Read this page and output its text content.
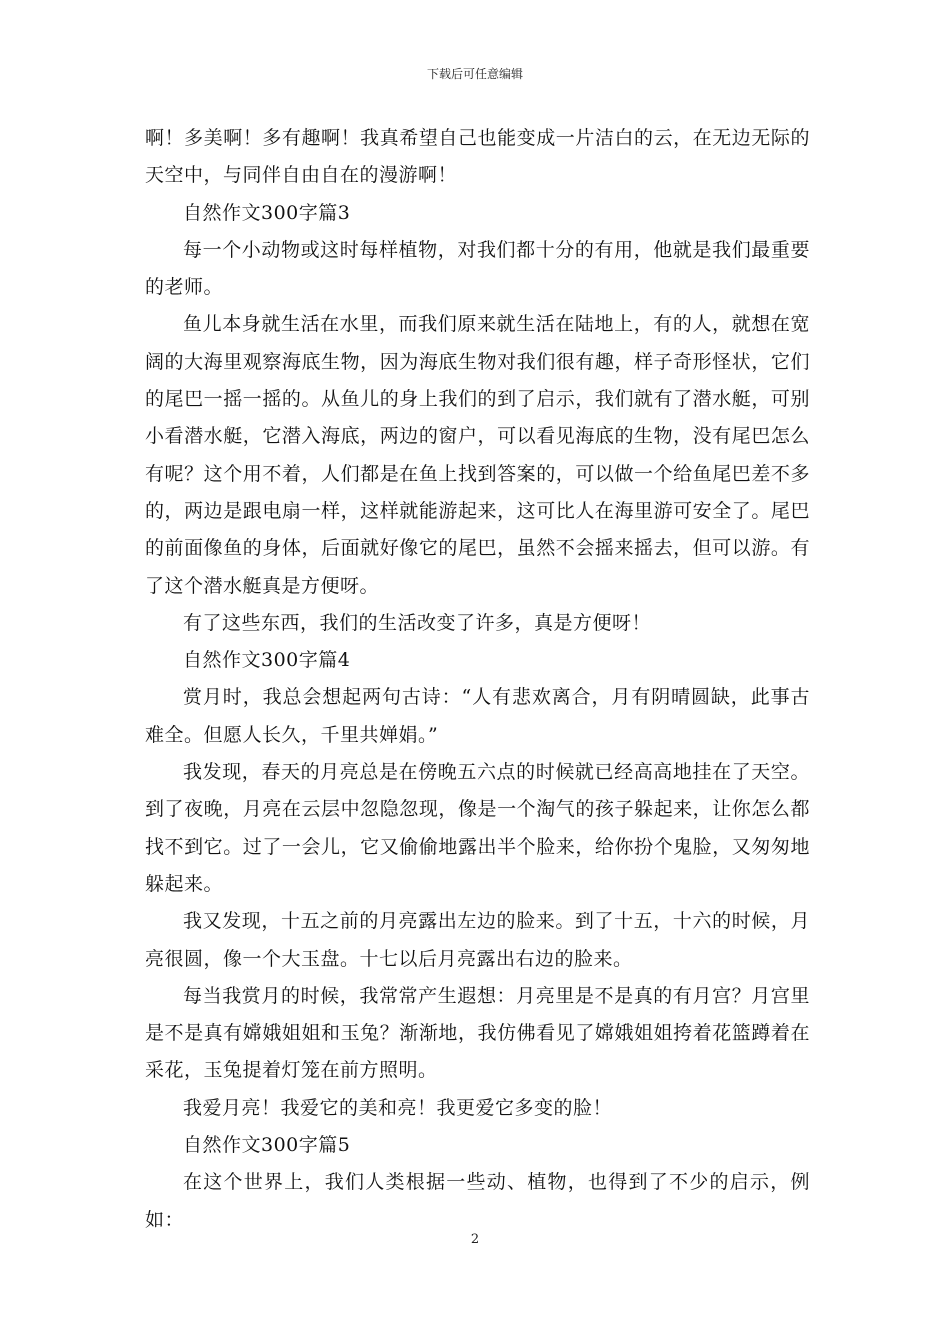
下载后可任意编辑

啊！多美啊！多有趣啊！我真希望自己也能变成一片洁白的云，在无边无际的天空中，与同伴自由自在的漫游啊！

自然作文300字篇3

每一个小动物或这时每样植物，对我们都十分的有用，他就是我们最重要的老师。

鱼儿本身就生活在水里，而我们原来就生活在陆地上，有的人，就想在宽阔的大海里观察海底生物，因为海底生物对我们很有趣，样子奇形怪状，它们的尾巴一摇一摇的。从鱼儿的身上我们的到了启示，我们就有了潜水艇，可别小看潜水艇，它潜入海底，两边的窗户，可以看见海底的生物，没有尾巴怎么有呢？这个用不着，人们都是在鱼上找到答案的，可以做一个给鱼尾巴差不多的，两边是跟电扇一样，这样就能游起来，这可比人在海里游可安全了。尾巴的前面像鱼的身体，后面就好像它的尾巴，虽然不会摇来摇去，但可以游。有了这个潜水艇真是方便呀。

有了这些东西，我们的生活改变了许多，真是方便呀！

自然作文300字篇4

赏月时，我总会想起两句古诗：“人有悲欢离合，月有阴晴圆缺，此事古难全。但愿人长久，千里共婵娟。”

我发现，春天的月亮总是在傍晚五六点的时候就已经高高地挂在了天空。到了夜晚，月亮在云层中忽隐忽现，像是一个淘气的孩子躲起来，让你怎么都找不到它。过了一会儿，它又偷偷地露出半个脸来，给你扮个鬼脸，又匆匆地躲起来。

我又发现，十五之前的月亮露出左边的脸来。到了十五，十六的时候，月亮很圆，像一个大玉盘。十七以后月亮露出右边的脸来。

每当我赏月的时候，我常常产生遐想：月亮里是不是真的有月宫？月宫里是不是真有嫦娥姐姐和玉兔？渐渐地，我仿佛看见了嫦娥姐姐挎着花篮蹲着在采花，玉兔提着灯笼在前方照明。

我爱月亮！我爱它的美和亮！我更爱它多变的脸！

自然作文300字篇5

在这个世界上，我们人类根据一些动、植物，也得到了不少的启示，例如：

2
